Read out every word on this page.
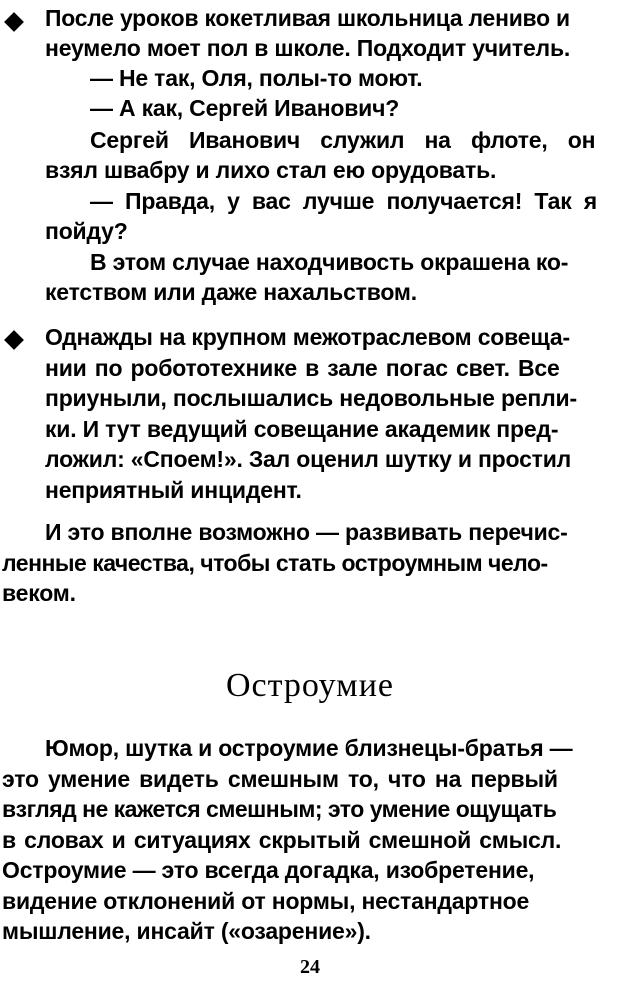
После уроков кокетливая школьница лениво и
неумело моет пол в школе. Подходит учитель.
— Не так, Оля, полы-то моют.
— А как, Сергей Иванович?
Сергей Иванович служил на флоте, он
взял швабру и лихо стал ею орудовать.
— Правда, у вас лучше получается! Так я
пойду?
В этом случае находчивость окрашена ко-
кетством или даже нахальством.
Однажды на крупном межотраслевом совеща-
нии по робототехнике в зале погас свет. Все
приуныли, послышались недовольные репли-
ки. И тут ведущий совещание академик пред-
ложил: «Споем!». Зал оценил шутку и простил
неприятный инцидент.
И это вполне возможно — развивать перечис-
ленные качества, чтобы стать остроумным чело-
веком.
Остроумие
Юмор, шутка и остроумие близнецы-братья —
это умение видеть смешным то, что на первый
взгляд не кажется смешным; это умение ощущать
в словах и ситуациях скрытый смешной смысл.
Остроумие — это всегда догадка, изобретение,
видение отклонений от нормы, нестандартное
мышление, инсайт («озарение»).
24
